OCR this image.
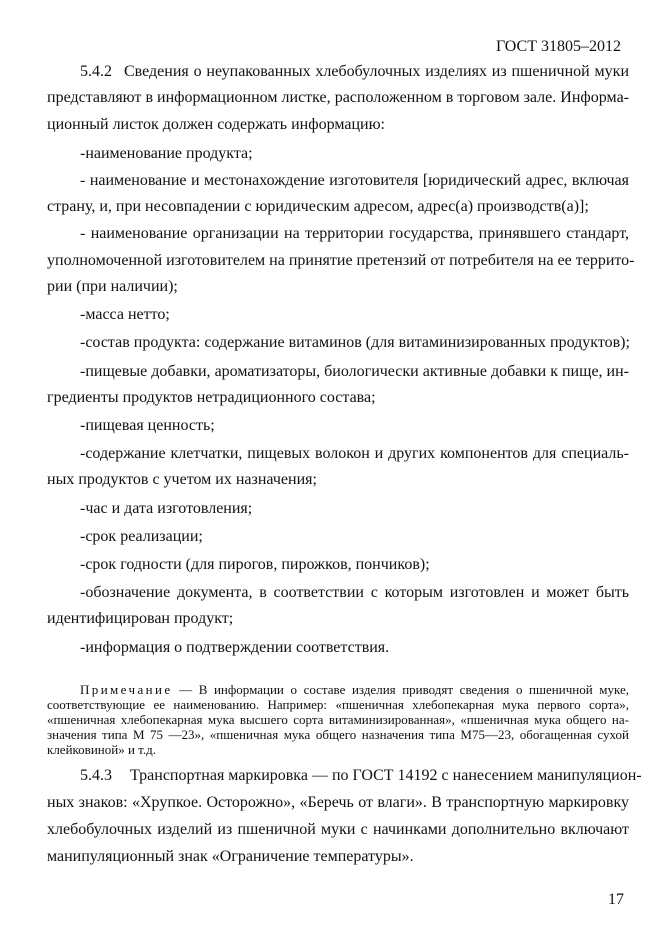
ГОСТ 31805–2012
5.4.2 Сведения о неупакованных хлебобулочных изделиях из пшеничной муки
представляют в информационном листке, расположенном в торговом зале. Информа-
ционный листок должен содержать информацию:
-наименование продукта;
- наименование и местонахождение изготовителя [юридический адрес, включая
страну, и, при несовпадении с юридическим адресом, адрес(а) производств(а)];
- наименование организации на территории государства, принявшего стандарт,
уполномоченной изготовителем на принятие претензий от потребителя на ее террито-
рии (при наличии);
-масса нетто;
-состав продукта: содержание витаминов (для витаминизированных продуктов);
-пищевые добавки, ароматизаторы, биологически активные добавки к пище, ин-
гредиенты продуктов нетрадиционного состава;
-пищевая ценность;
-содержание клетчатки, пищевых волокон и других компонентов для специаль-
ных продуктов с учетом их назначения;
-час и дата изготовления;
-срок реализации;
-срок годности (для пирогов, пирожков, пончиков);
-обозначение документа, в соответствии с которым изготовлен и может быть
идентифицирован продукт;
-информация о подтверждении соответствия.
Примечание — В информации о составе изделия приводят сведения о пшеничной муке,
соответствующие ее наименованию. Например: «пшеничная хлебопекарная мука первого сорта»,
«пшеничная хлебопекарная мука высшего сорта витаминизированная», «пшеничная мука общего на-
значения типа М 75 —23», «пшеничная мука общего назначения типа М75—23, обогащенная сухой
клейковиной» и т.д.
5.4.3 Транспортная маркировка — по ГОСТ 14192 с нанесением манипуляцион-
ных знаков: «Хрупкое. Осторожно», «Беречь от влаги». В транспортную маркировку
хлебобулочных изделий из пшеничной муки с начинками дополнительно включают
манипуляционный знак «Ограничение температуры».
17
